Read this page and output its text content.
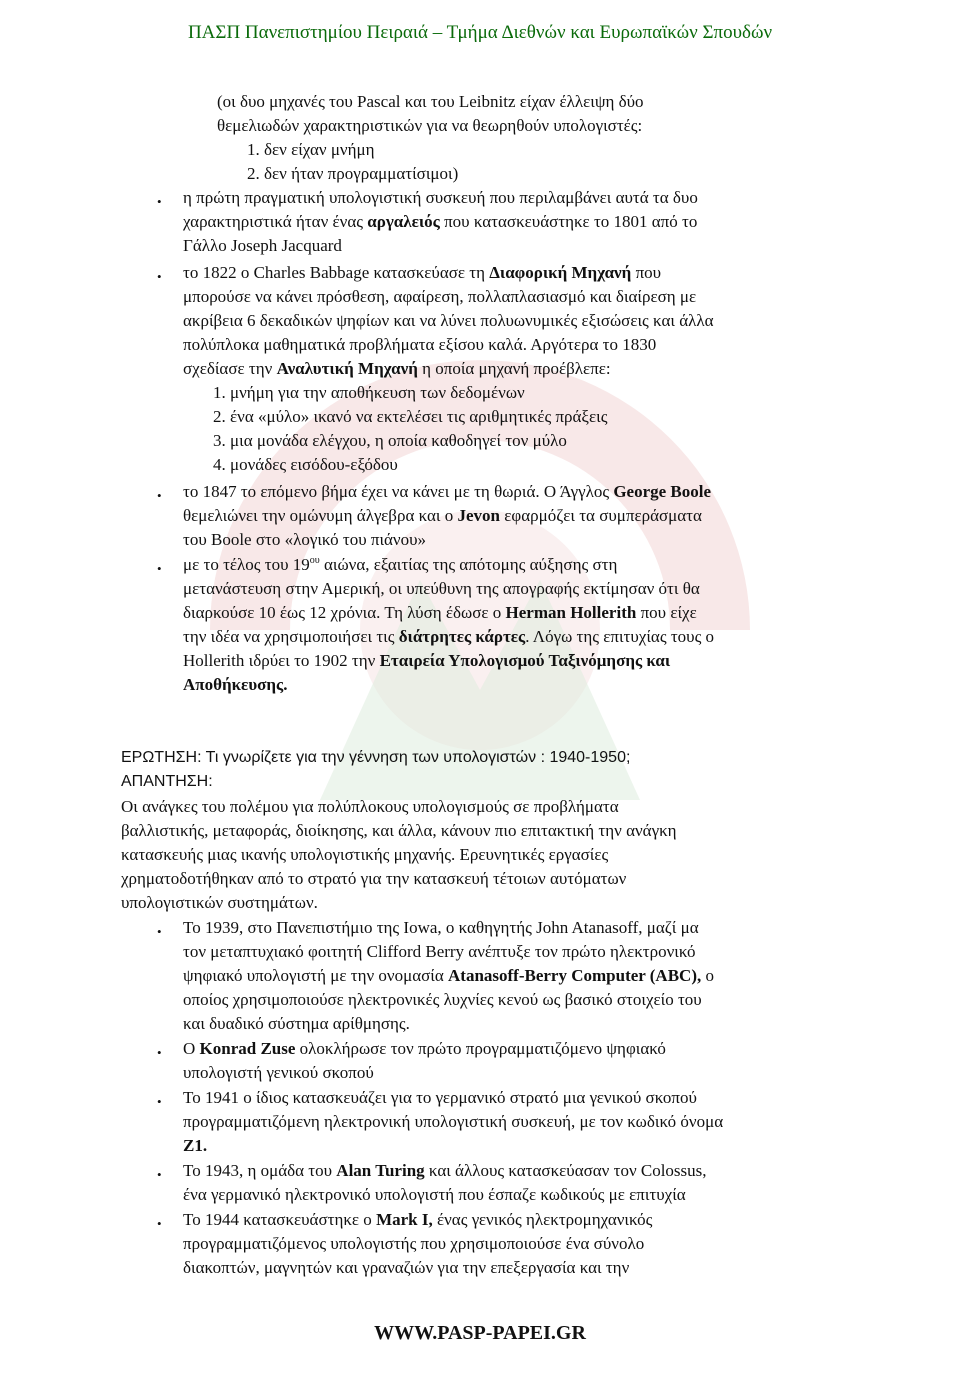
ΠΑΣΠ Πανεπιστημίου Πειραιά – Τμήμα Διεθνών και Ευρωπαϊκών Σπουδών
(οι δυο μηχανές του Pascal και του Leibnitz είχαν έλλειψη δύο
θεμελιωδών χαρακτηριστικών για να θεωρηθούν υπολογιστές:
1. δεν είχαν μνήμη
2. δεν ήταν προγραμματίσιμοι)
• η πρώτη πραγματική υπολογιστική συσκευή που περιλαμβάνει αυτά τα δυο
χαρακτηριστικά ήταν ένας αργαλειός που κατασκευάστηκε το 1801 από το
Γάλλο Joseph Jacquard
• το 1822 ο Charles Babbage κατασκεύασε τη Διαφορική Μηχανή που
μπορούσε να κάνει πρόσθεση, αφαίρεση, πολλαπλασιασμό και διαίρεση με
ακρίβεια 6 δεκαδικών ψηφίων και να λύνει πολυωνυμικές εξισώσεις και άλλα
πολύπλοκα μαθηματικά προβλήματα εξίσου καλά. Αργότερα το 1830
σχεδίασε την Αναλυτική Μηχανή η οποία μηχανή προέβλεπε:
1. μνήμη για την αποθήκευση των δεδομένων
2. ένα «μύλο» ικανό να εκτελέσει τις αριθμητικές πράξεις
3. μια μονάδα ελέγχου, η οποία καθοδηγεί τον μύλο
4. μονάδες εισόδου-εξόδου
• το 1847 το επόμενο βήμα έχει να κάνει με τη θωριά. Ο Άγγλος George Boole
θεμελιώνει την ομώνυμη άλγεβρα και ο Jevon εφαρμόζει τα συμπεράσματα
του Boole στο «λογικό του πιάνου»
• με το τέλος του $19^{o\upsilon}$ αιώνα, εξαιτίας της απότομης αύξησης στη
μετανάστευση στην Αμερική, οι υπεύθυνη της απογραφής εκτίμησαν ότι θα
διαρκούσε 10 έως 12 χρόνια. Τη λύση έδωσε ο Herman Hollerith που είχε
την ιδέα να χρησιμοποιήσει τις διάτρητες κάρτες. Λόγω της επιτυχίας τους ο
Hollerith ιδρύει το 1902 την Εταιρεία Υπολογισμού Ταξινόμησης και
Αποθήκευσης.
ΕΡΩΤΗΣΗ: Τι γνωρίζετε για την γέννηση των υπολογιστών : 1940-1950;
ΑΠΑΝΤΗΣΗ:
Οι ανάγκες του πολέμου για πολύπλοκους υπολογισμούς σε προβλήματα
βαλλιστικής, μεταφοράς, διοίκησης, και άλλα, κάνουν πιο επιτακτική την ανάγκη
κατασκευής μιας ικανής υπολογιστικής μηχανής. Ερευνητικές εργασίες
χρηματοδοτήθηκαν από το στρατό για την κατασκευή τέτοιων αυτόματων
υπολογιστικών συστημάτων.
• Το 1939, στο Πανεπιστήμιο της Iowa, ο καθηγητής John Atanasoff, μαζί μα
τον μεταπτυχιακό φοιτητή Clifford Berry ανέπτυξε τον πρώτο ηλεκτρονικό
ψηφιακό υπολογιστή με την ονομασία Atanasoff-Berry Computer (ABC), ο
οποίος χρησιμοποιούσε ηλεκτρονικές λυχνίες κενού ως βασικό στοιχείο του
και δυαδικό σύστημα αρίθμησης.
• Ο Konrad Zuse ολοκλήρωσε τον πρώτο προγραμματιζόμενο ψηφιακό
υπολογιστή γενικού σκοπού
• Το 1941 ο ίδιος κατασκευάζει για το γερμανικό στρατό μια γενικού σκοπού
προγραμματιζόμενη ηλεκτρονική υπολογιστική συσκευή, με τον κωδικό όνομα
Z1.
• Το 1943, η ομάδα του Alan Turing και άλλους κατασκεύασαν τον Colossus,
ένα γερμανικό ηλεκτρονικό υπολογιστή που έσπαζε κωδικούς με επιτυχία
• Το 1944 κατασκευάστηκε ο Mark I, ένας γενικός ηλεκτρομηχανικός
προγραμματιζόμενος υπολογιστής που χρησιμοποιούσε ένα σύνολο
διακοπτών, μαγνητών και γραναζιών για την επεξεργασία και την
WWW.PASP-PAPEI.GR
